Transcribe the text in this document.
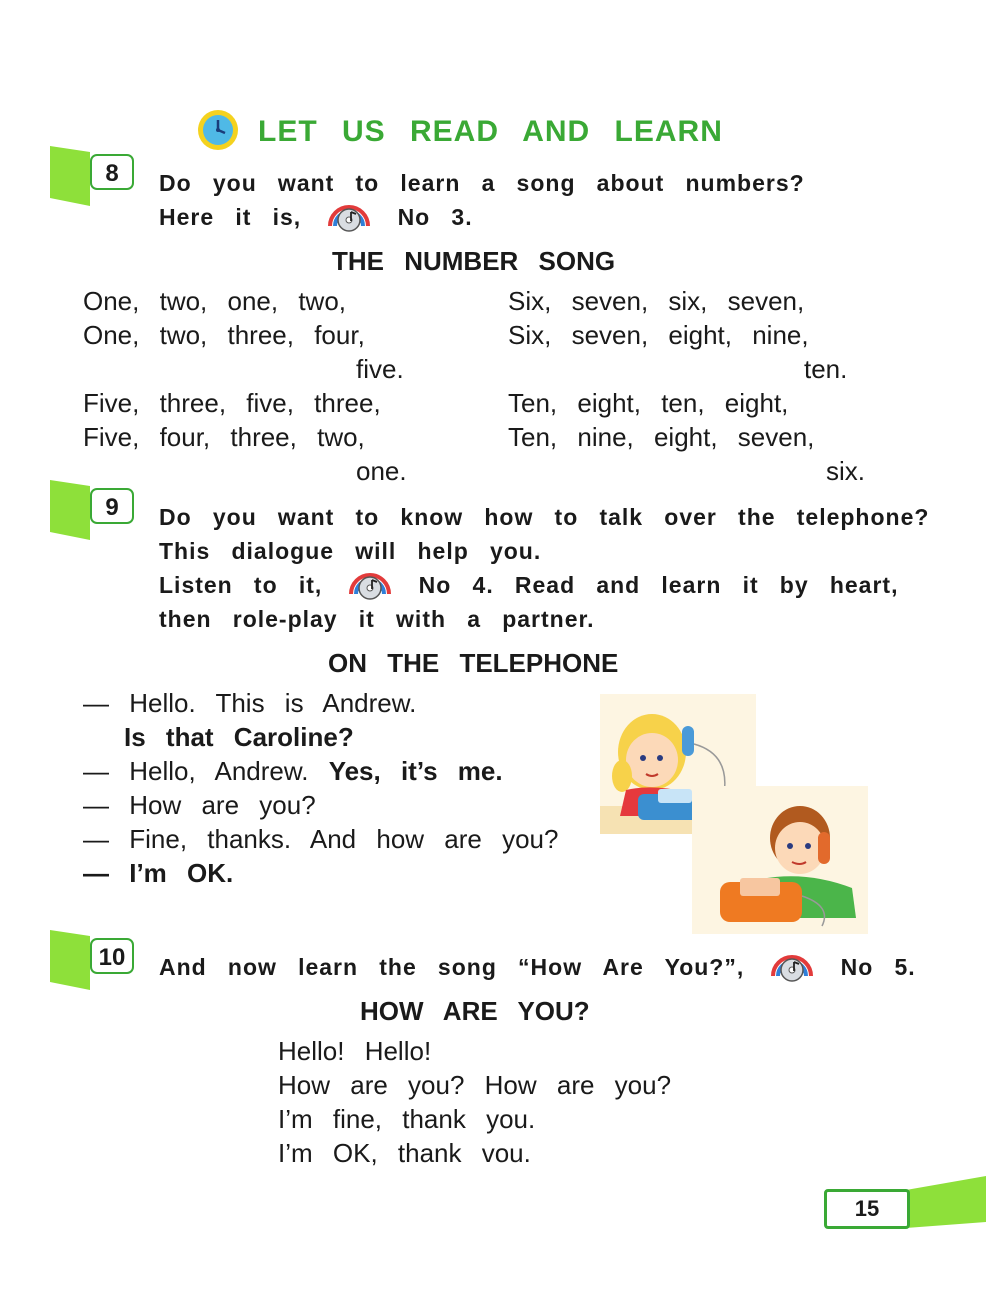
LET US READ AND LEARN
8	Do you want to learn a song about numbers?
Here it is,	No 3.
THE NUMBER SONG
One, two, one, two,
One, two, three, four,
five.
Five, three, five, three,
Five, four, three, two,
one.
Six, seven, six, seven,
Six, seven, eight, nine,
ten.
Ten, eight, ten, eight,
Ten, nine, eight, seven,
six.
9	Do you want to know how to talk over the telephone?
This dialogue will help you.
Listen to it,	No 4. Read and learn it by heart,
then role-play it with a partner.
ON THE TELEPHONE
— Hello. This is Andrew.
Is that Caroline?
— Hello, Andrew. Yes, it’s me.
— How are you?
— Fine, thanks. And how are you?
— I’m OK.
10	And now learn the song “How Are You?”,	No 5.
HOW ARE YOU?
Hello! Hello!
How are you? How are you?
I’m fine, thank you.
I’m OK, thank vou.
15
